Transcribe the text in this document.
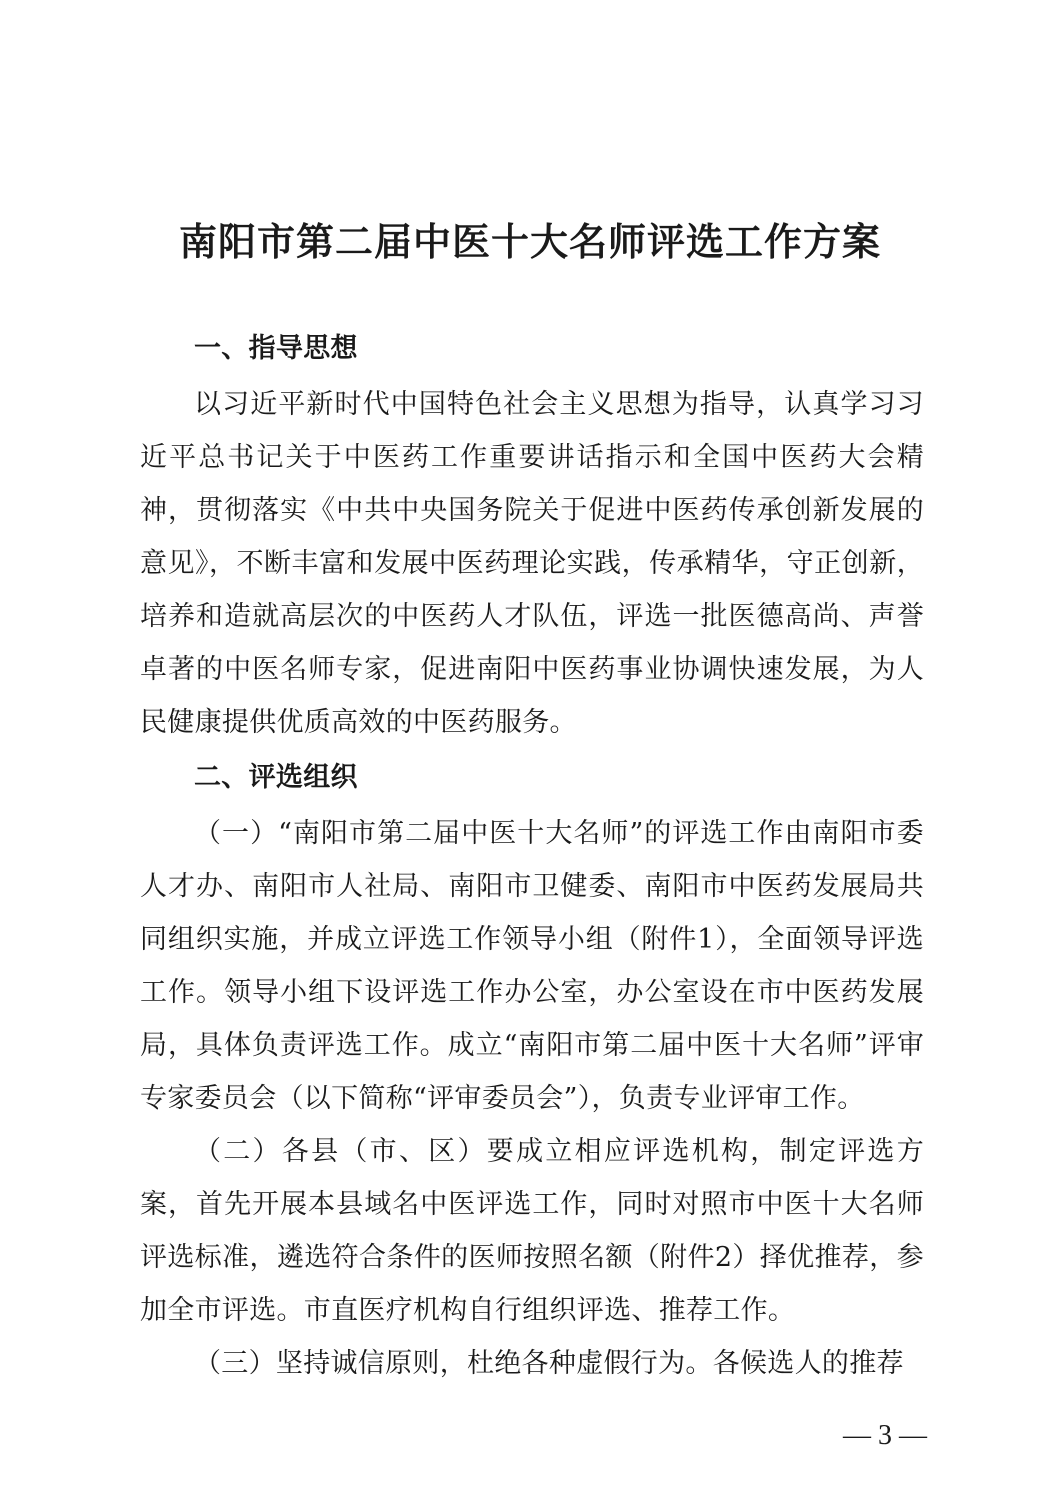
南阳市第二届中医十大名师评选工作方案
一、指导思想

以习近平新时代中国特色社会主义思想为指导，认真学习习近平总书记关于中医药工作重要讲话指示和全国中医药大会精神，贯彻落实《中共中央国务院关于促进中医药传承创新发展的意见》，不断丰富和发展中医药理论实践，传承精华，守正创新，培养和造就高层次的中医药人才队伍，评选一批医德高尚、声誉卓著的中医名师专家，促进南阳中医药事业协调快速发展，为人民健康提供优质高效的中医药服务。

二、评选组织

（一）“南阳市第二届中医十大名师”的评选工作由南阳市委人才办、南阳市人社局、南阳市卫健委、南阳市中医药发展局共同组织实施，并成立评选工作领导小组（附件1），全面领导评选工作。领导小组下设评选工作办公室，办公室设在市中医药发展局，具体负责评选工作。成立“南阳市第二届中医十大名师”评审专家委员会（以下简称“评审委员会”），负责专业评审工作。

（二）各县（市、区）要成立相应评选机构，制定评选方案，首先开展本县域名中医评选工作，同时对照市中医十大名师评选标准，遴选符合条件的医师按照名额（附件2）择优推荐，参加全市评选。市直医疗机构自行组织评选、推荐工作。

（三）坚持诚信原则，杜绝各种虚假行为。各候选人的推荐

— 3 —
